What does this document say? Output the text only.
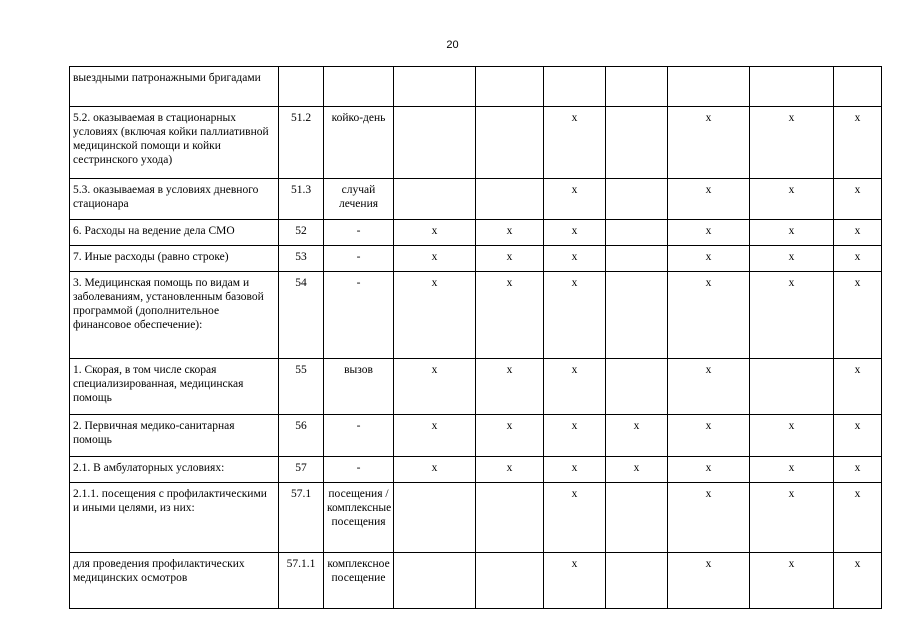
20
выездными патронажными бригадами									
5.2. оказываемая в стационарных условиях (включая койки паллиативной медицинской помощи и койки сестринского ухода)	51.2	койко-день			х		х	х	х
5.3. оказываемая в условиях дневного стационара	51.3	случай лечения			х		х	х	х
6. Расходы на ведение дела СМО	52	-	х	х	х		х	х	х
7. Иные расходы (равно строке)	53	-	х	х	х		х	х	х
3. Медицинская помощь по видам и заболеваниям, установленным базовой программой (дополнительное финансовое обеспечение):	54	-	х	х	х		х	х	х
1. Скорая, в том числе скорая специализированная, медицинская помощь	55	вызов	х	х	х		х		х
2. Первичная медико-санитарная помощь	56	-	х	х	х	х	х	х	х
2.1. В амбулаторных условиях:	57	-	х	х	х	х	х	х	х
2.1.1. посещения с профилактическими и иными целями, из них:	57.1	посещения /комплексные посещения			х		х	х	х
для проведения профилактических медицинских осмотров	57.1.1	комплексное посещение			х		х	х	х
